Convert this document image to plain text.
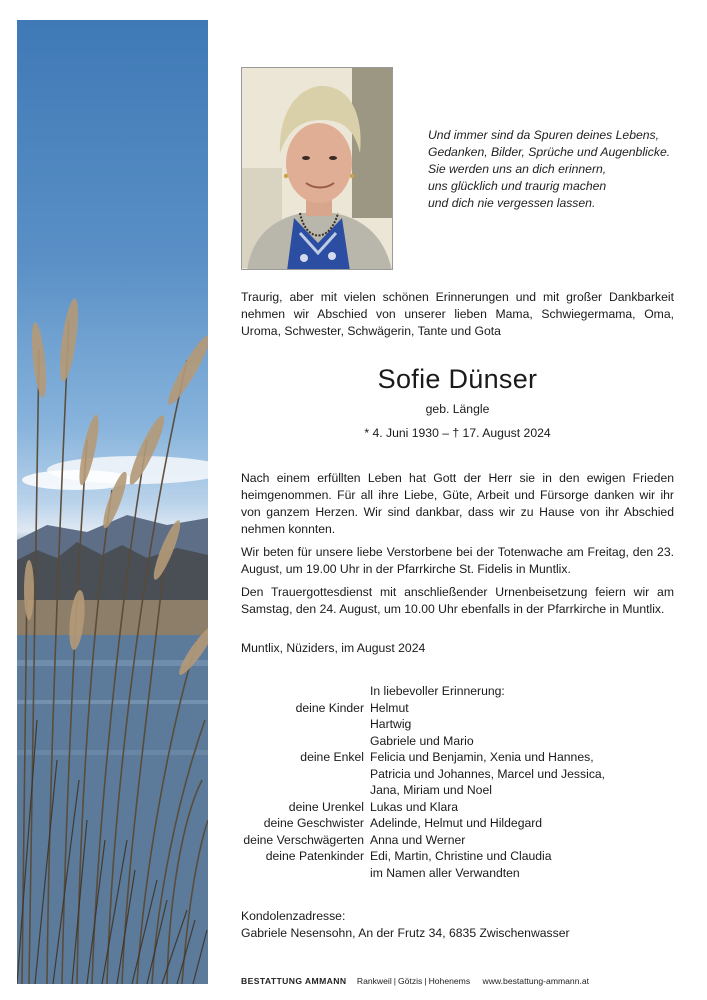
Und immer sind da Spuren deines Lebens,
Gedanken, Bilder, Sprüche und Augenblicke.
Sie werden uns an dich erinnern,
uns glücklich und traurig machen
und dich nie vergessen lassen.
Traurig, aber mit vielen schönen Erinnerungen und mit großer Dankbarkeit nehmen wir Abschied von unserer lieben Mama, Schwiegermama, Oma, Uroma, Schwester, Schwägerin, Tante und Gota
Sofie Dünser
geb. Längle
* 4. Juni 1930 – † 17. August 2024

Nach einem erfüllten Leben hat Gott der Herr sie in den ewigen Frieden heimgenommen. Für all ihre Liebe, Güte, Arbeit und Fürsorge danken wir ihr von ganzem Herzen. Wir sind dankbar, dass wir zu Hause von ihr Abschied nehmen konnten.

Wir beten für unsere liebe Verstorbene bei der Totenwache am Freitag, den 23. August, um 19.00 Uhr in der Pfarrkirche St. Fidelis in Muntlix.

Den Trauergottesdienst mit anschließender Urnenbeisetzung feiern wir am Samstag, den 24. August, um 10.00 Uhr ebenfalls in der Pfarrkirche in Muntlix.

Muntlix, Nüziders, im August 2024
In liebevoller Erinnerung:
deine Kinder Helmut
Hartwig
Gabriele und Mario
deine Enkel Felicia und Benjamin, Xenia und Hannes,
Patricia und Johannes, Marcel und Jessica,
Jana, Miriam und Noel
deine Urenkel Lukas und Klara
deine Geschwister Adelinde, Helmut und Hildegard
deine Verschwägerten Anna und Werner
deine Patenkinder Edi, Martin, Christine und Claudia
im Namen aller Verwandten
Kondolenzadresse:
Gabriele Nesensohn, An der Frutz 34, 6835 Zwischenwasser
BESTATTUNG AMMANN Rankweil | Götzis | Hohenems www.bestattung-ammann.at
